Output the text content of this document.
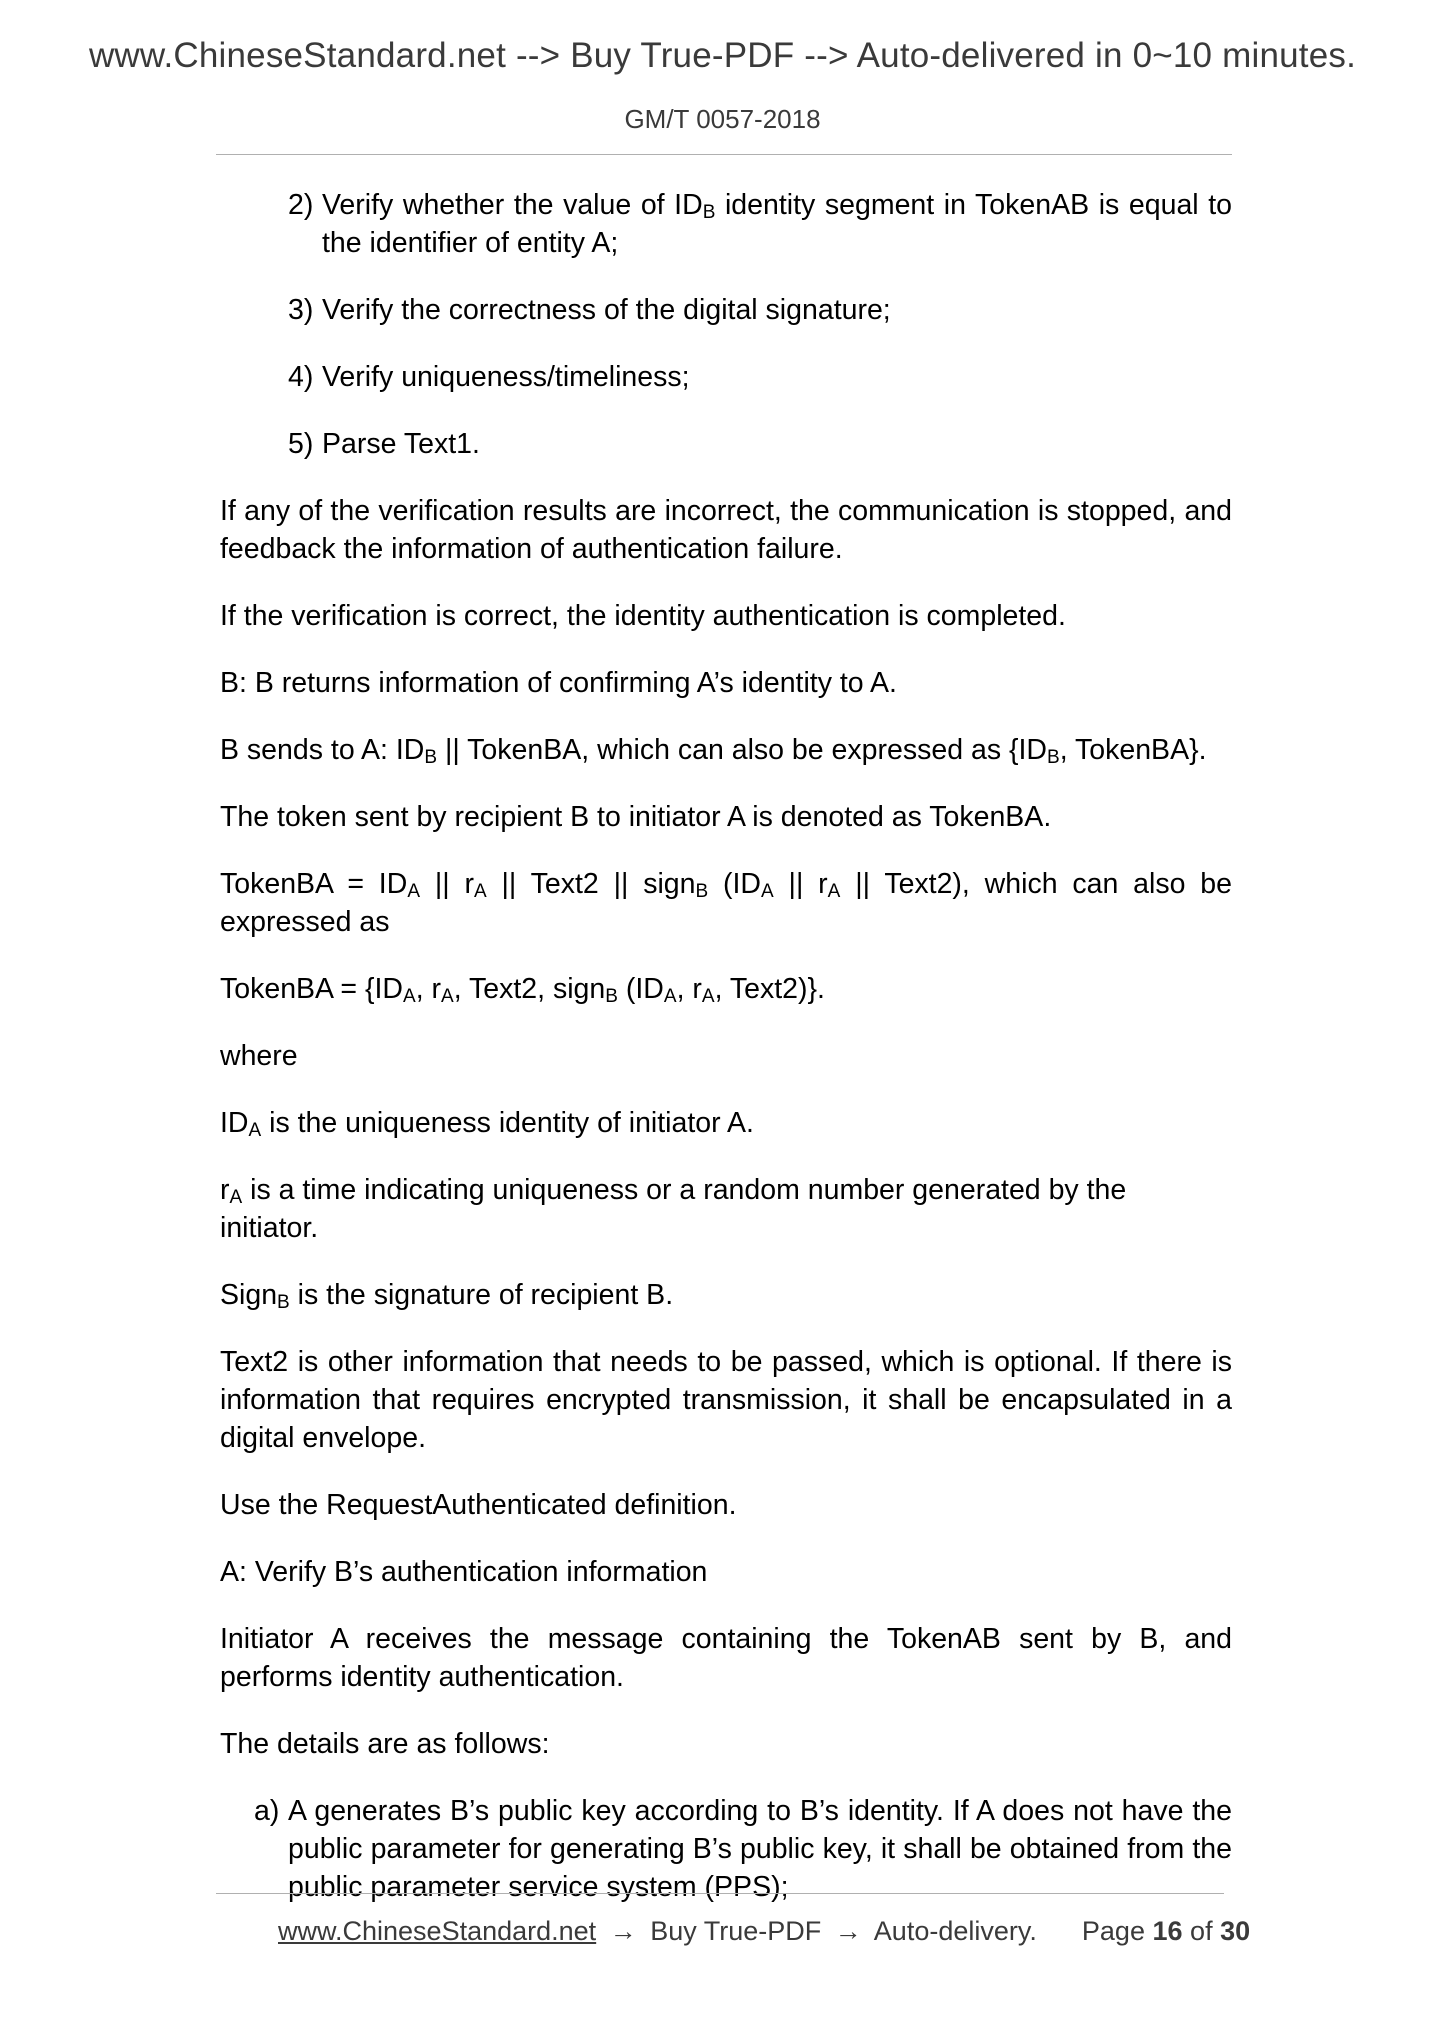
www.ChineseStandard.net --> Buy True-PDF --> Auto-delivered in 0~10 minutes.
GM/T 0057-2018
2) Verify whether the value of $ID_B$ identity segment in TokenAB is equal to the identifier of entity A;
3) Verify the correctness of the digital signature;
4) Verify uniqueness/timeliness;
5) Parse Text1.

If any of the verification results are incorrect, the communication is stopped, and feedback the information of authentication failure.

If the verification is correct, the identity authentication is completed.

B: B returns information of confirming A’s identity to A.

B sends to A: $ID_B$ || TokenBA, which can also be expressed as {$ID_B$, TokenBA}.

The token sent by recipient B to initiator A is denoted as TokenBA.

TokenBA = $ID_A$ || $r_A$ || Text2 || sign$_B$ ($ID_A$ || $r_A$ || Text2), which can also be expressed as

TokenBA = {$ID_A$, $r_A$, Text2, sign$_B$ ($ID_A$, $r_A$, Text2)}.

where

$ID_A$ is the uniqueness identity of initiator A.

$r_A$ is a time indicating uniqueness or a random number generated by the initiator.

Sign$_B$ is the signature of recipient B.

Text2 is other information that needs to be passed, which is optional. If there is information that requires encrypted transmission, it shall be encapsulated in a digital envelope.

Use the RequestAuthenticated definition.

A: Verify B’s authentication information

Initiator A receives the message containing the TokenAB sent by B, and performs identity authentication.

The details are as follows:

a) A generates B’s public key according to B’s identity. If A does not have the public parameter for generating B’s public key, it shall be obtained from the public parameter service system (PPS);
www.ChineseStandard.net → Buy True-PDF → Auto-delivery. Page 16 of 30
